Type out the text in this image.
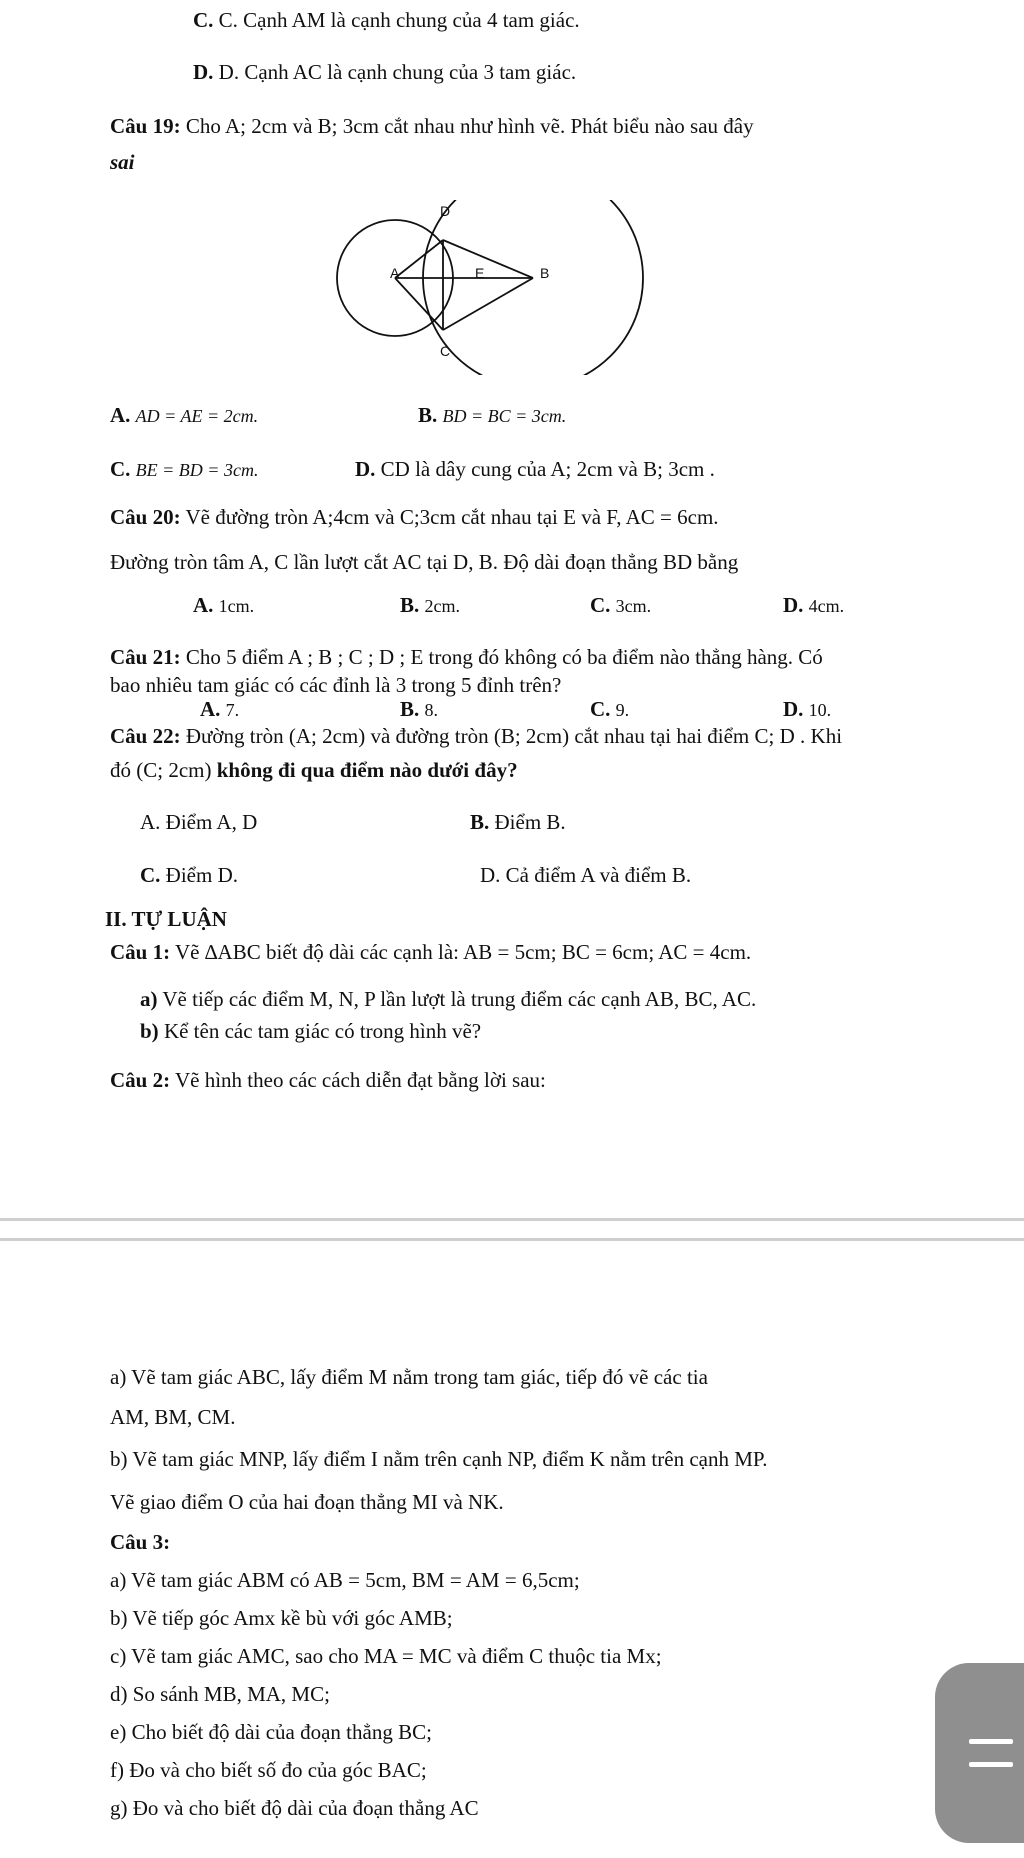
C. C. Cạnh AM là cạnh chung của 4 tam giác.
D. D. Cạnh AC là cạnh chung của 3 tam giác.
Câu 19: Cho A; 2cm và B; 3cm cắt nhau như hình vẽ. Phát biểu nào sau đây
sai
D
A	E	B
C
A. AD = AE = 2cm.	B. BD = BC = 3cm.
C. BE = BD = 3cm.	D. CD là dây cung của A; 2cm và B; 3cm .
Câu 20: Vẽ đường tròn A;4cm và C;3cm cắt nhau tại E và F, AC = 6cm.
Đường tròn tâm A, C lần lượt cắt AC tại D, B. Độ dài đoạn thẳng BD bằng
A. 1cm.	B. 2cm.	C. 3cm.	D. 4cm.
Câu 21: Cho 5 điểm A ; B ; C ; D ; E trong đó không có ba điểm nào thẳng hàng. Có
bao nhiêu tam giác có các đỉnh là 3 trong 5 đỉnh trên?
A. 7.	B. 8.	C. 9.	D. 10.
Câu 22: Đường tròn (A; 2cm) và đường tròn (B; 2cm) cắt nhau tại hai điểm C; D . Khi
đó (C; 2cm) không đi qua điểm nào dưới đây?
A. Điểm A, D	B. Điểm B.
C. Điểm D.	D. Cả điểm A và điểm B.
II. TỰ LUẬN
Câu 1: Vẽ ∆ABC biết độ dài các cạnh là: AB = 5cm; BC = 6cm; AC = 4cm.
a) Vẽ tiếp các điểm M, N, P lần lượt là trung điểm các cạnh AB, BC, AC.
b) Kể tên các tam giác có trong hình vẽ?
Câu 2: Vẽ hình theo các cách diễn đạt bằng lời sau:
a) Vẽ tam giác ABC, lấy điểm M nằm trong tam giác, tiếp đó vẽ các tia
AM, BM, CM.
b) Vẽ tam giác MNP, lấy điểm I nằm trên cạnh NP, điểm K nằm trên cạnh MP.
Vẽ giao điểm O của hai đoạn thẳng MI và NK.
Câu 3:
a) Vẽ tam giác ABM có AB = 5cm, BM = AM = 6,5cm;
b) Vẽ tiếp góc Amx kề bù với góc AMB;
c) Vẽ tam giác AMC, sao cho MA = MC và điểm C thuộc tia Mx;
d) So sánh MB, MA, MC;
e) Cho biết độ dài của đoạn thẳng BC;
f) Đo và cho biết số đo của góc BAC;
g) Đo và cho biết độ dài của đoạn thẳng AC
